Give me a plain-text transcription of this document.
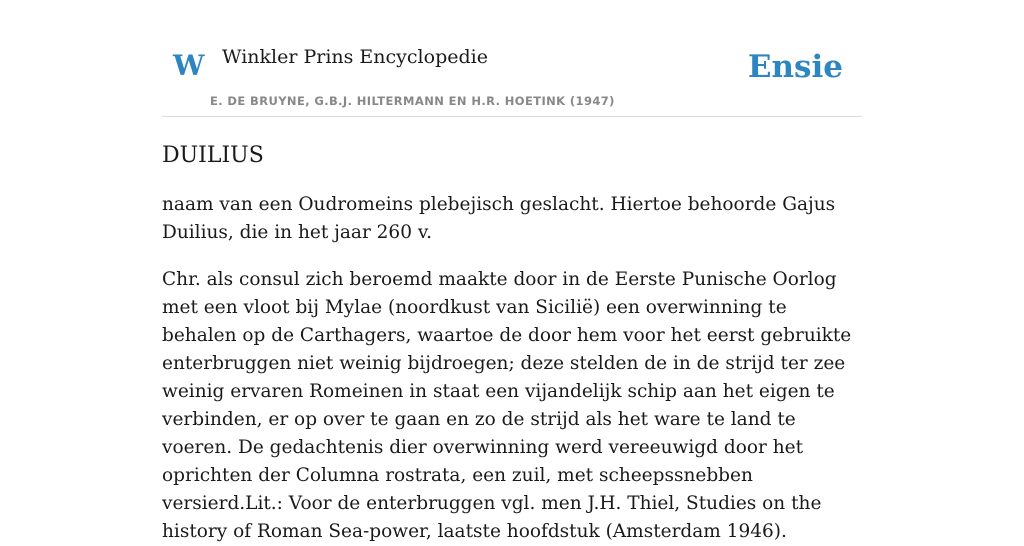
W Winkler Prins Encyclopedie
E. DE BRUYNE, G.B.J. HILTERMANN EN H.R. HOETINK (1947)
Ensie
DUILIUS

naam van een Oudromeins plebejisch geslacht. Hiertoe behoorde Gajus Duilius, die in het jaar 260 v.

Chr. als consul zich beroemd maakte door in de Eerste Punische Oorlog met een vloot bij Mylae (noordkust van Sicilië) een overwinning te behalen op de Carthagers, waartoe de door hem voor het eerst gebruikte enterbruggen niet weinig bijdroegen; deze stelden de in de strijd ter zee weinig ervaren Romeinen in staat een vijandelijk schip aan het eigen te verbinden, er op over te gaan en zo de strijd als het ware te land te voeren. De gedachtenis dier overwinning werd vereeuwigd door het oprichten der Columna rostrata, een zuil, met scheepssnebben versierd.Lit.: Voor de enterbruggen vgl. men J.H. Thiel, Studies on the history of Roman Sea-power, laatste hoofdstuk (Amsterdam 1946).
